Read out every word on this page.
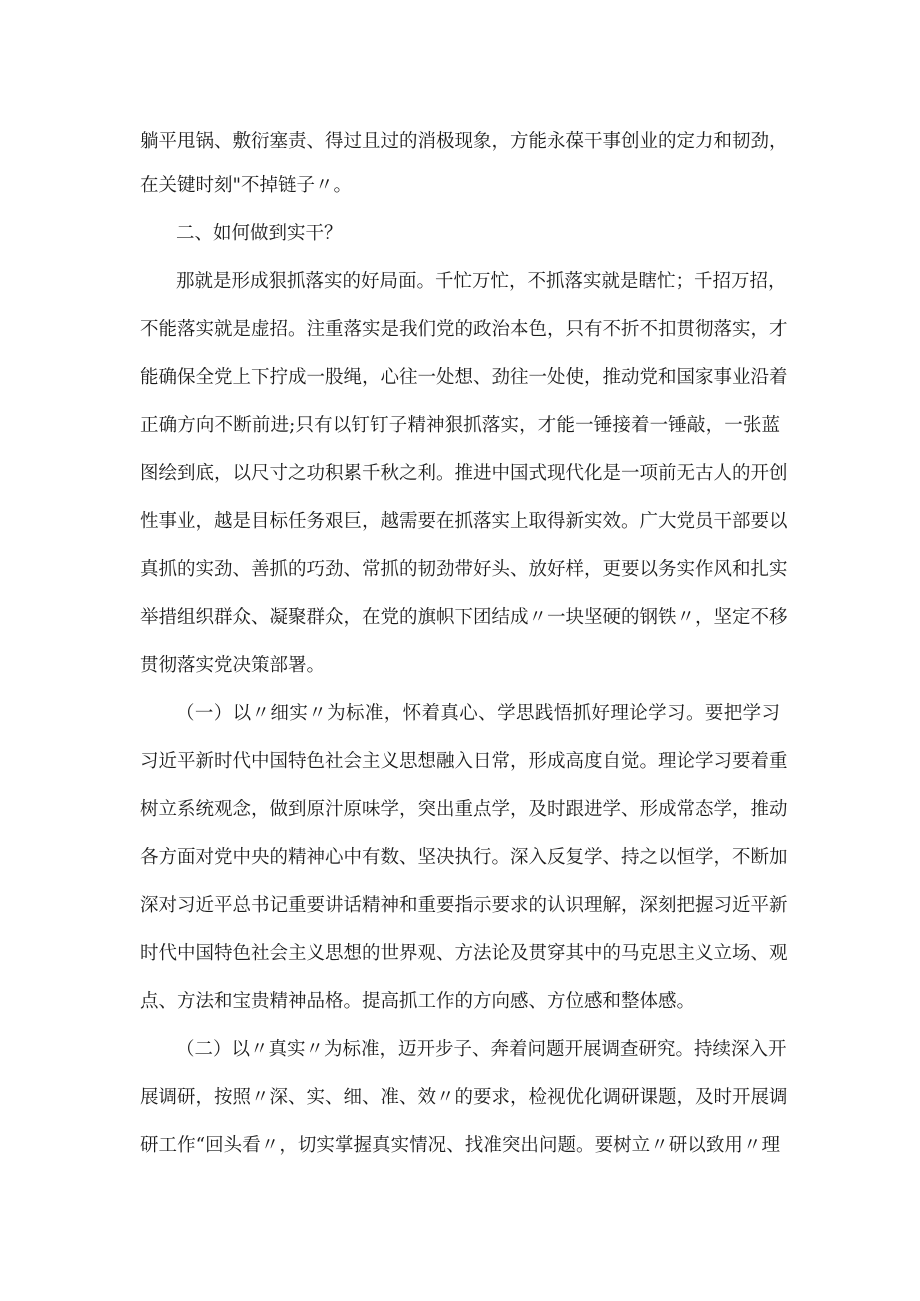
躺平甩锅、敷衍塞责、得过且过的消极现象，方能永葆干事创业的定力和韧劲，
在关键时刻"不掉链子〃。
二、如何做到实干？
那就是形成狠抓落实的好局面。千忙万忙，不抓落实就是瞎忙；千招万招，
不能落实就是虚招。注重落实是我们党的政治本色，只有不折不扣贯彻落实，才
能确保全党上下拧成一股绳，心往一处想、劲往一处使，推动党和国家事业沿着
正确方向不断前进;只有以钉钉子精神狠抓落实，才能一锤接着一锤敲，一张蓝
图绘到底，以尺寸之功积累千秋之利。推进中国式现代化是一项前无古人的开创
性事业，越是目标任务艰巨，越需要在抓落实上取得新实效。广大党员干部要以
真抓的实劲、善抓的巧劲、常抓的韧劲带好头、放好样，更要以务实作风和扎实
举措组织群众、凝聚群众，在党的旗帜下团结成〃一块坚硬的钢铁〃，坚定不移
贯彻落实党决策部署。
（一）以〃细实〃为标准，怀着真心、学思践悟抓好理论学习。要把学习
习近平新时代中国特色社会主义思想融入日常，形成高度自觉。理论学习要着重
树立系统观念，做到原汁原味学，突出重点学，及时跟进学、形成常态学，推动
各方面对党中央的精神心中有数、坚决执行。深入反复学、持之以恒学，不断加
深对习近平总书记重要讲话精神和重要指示要求的认识理解，深刻把握习近平新
时代中国特色社会主义思想的世界观、方法论及贯穿其中的马克思主义立场、观
点、方法和宝贵精神品格。提高抓工作的方向感、方位感和整体感。
（二）以〃真实〃为标准，迈开步子、奔着问题开展调查研究。持续深入开
展调研，按照〃深、实、细、准、效〃的要求，检视优化调研课题，及时开展调
研工作“回头看〃，切实掌握真实情况、找准突出问题。要树立〃研以致用〃理
